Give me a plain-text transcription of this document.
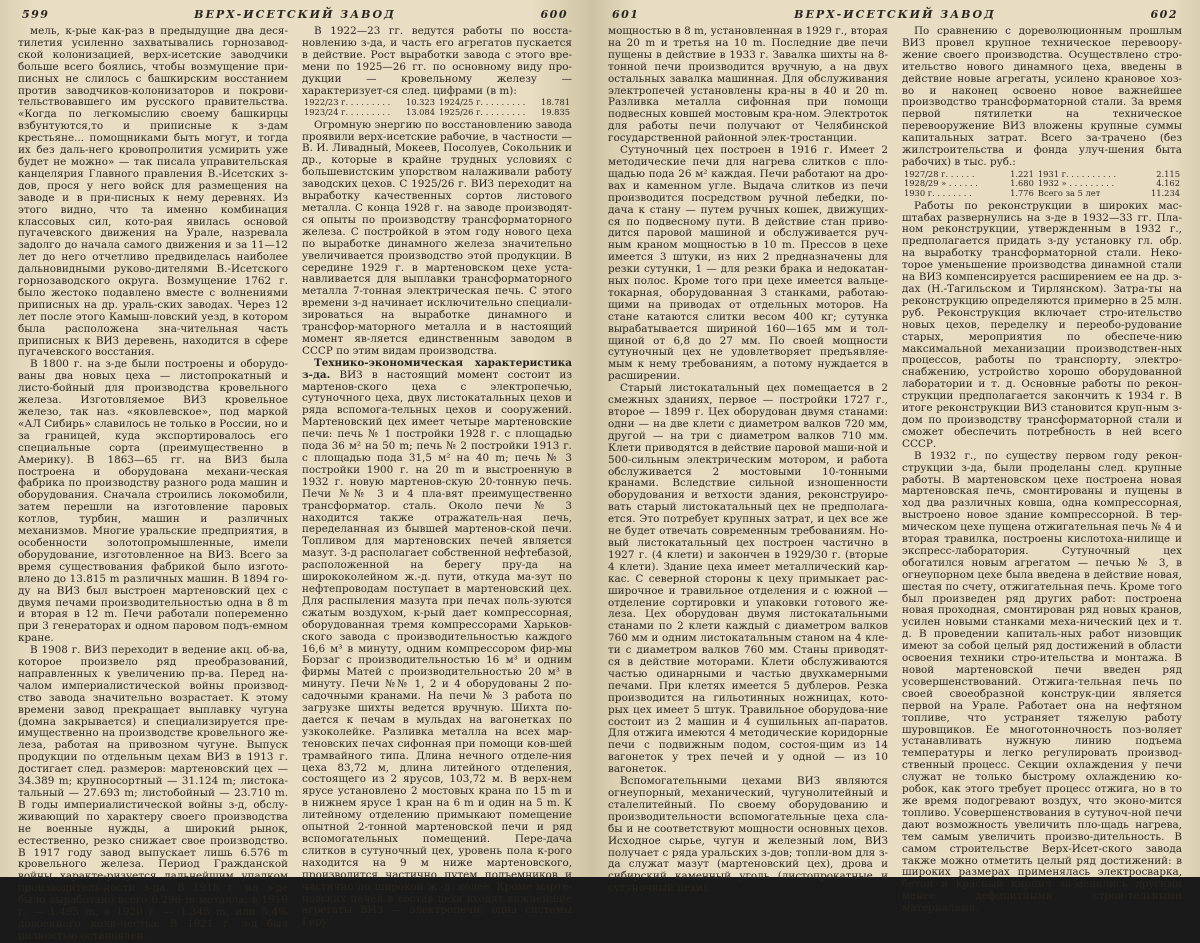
599	ВЕРХ-ИСЕТСКИЙ ЗАВОД	600

мель, к-рые как-раз в предыдущие два деся-тилетия усиленно захватывались горнозавод-ской колонизацией, верх-исетские заводчики больше всего боялись, чтобы возмущение при-писных не слилось с башкирским восстанием против заводчиков-колонизаторов и покрови-тельствовавшего им русского правительства. «Когда по легкомыслию своему башкирцы взбунтуются,то и приписные к з-дам крестьяне... помощниками быть могут, и тогда их без даль-него кровопролития усмирить уже будет не можно» — так писала управительская канцелярия Главного правления В.-Исетских з-дов, прося у него войск для размещения на заводе и в при-писных к нему деревнях. Из этого видно, что та именно комбинация классовых сил, кото-рая явилась основой пугачевского движения на Урале, назревала задолго до начала самого движения и за 11—12 лет до него отчетливо предвиделась наиболее дальновидными руково-дителями В.-Исетского горнозаводского округа. Возмущение 1762 г. было жестоко подавлено вместе с волнениями приписных на др. ураль-ских заводах. Через 12 лет после этого Камыш-ловский уезд, в котором была расположена зна-чительная часть приписных к ВИЗ деревень, находится в сфере пугачевского восстания.

В 1800 г. на з-де были построены и оборудо-ваны два новых цеха — листопрокатный и листо-бойный для производства кровельного железа. Изготовляемое ВИЗ кровельное железо, так наз. «яковлевское», под маркой «АЛ Сибирь» славилось не только в России, но и за границей, куда экспортировалось его специальные сорта (преимущественно в Америку). В 1863—65 гг. на ВИЗ была построена и оборудована механи-ческая фабрика по производству разного рода машин и оборудования. Сначала строились локомобили, затем перешли на изготовление паровых котлов, турбин, машин и различных механизмов. Многие уральские предприятия, в особенности золотопромышленные, имели оборудование, изготовленное на ВИЗ. Всего за время существования фабрикой было изгото-влено до 13.815 m различных машин. В 1894 го-ду на ВИЗ был выстроен мартеновский цех с двумя печами производительностью одна в 8 m и вторая в 12 m. Печи работали попеременно при 3 генераторах и одном паровом подъ-емном кране.

В 1908 г. ВИЗ переходит в ведение акц. об-ва, которое произвело ряд преобразований, направленных к увеличению пр-ва. Перед на-чалом империалистической войны производ-ство завода значительно возрастает. К этому времени завод прекращает выплавку чугуна (домна закрывается) и специализируется пре-имущественно на производстве кровельного же-леза, работая на привозном чугуне. Выпуск продукции по отдельным цехам ВИЗ в 1913 г. достигает след. размеров: мартеновский цех — 34.389 m; крупносортный — 31.124 m; листока-тальный — 27.693 m; листобойный — 23.710 m. В годы империалистической войны з-д, обслу-живающий по характеру своего производства не военные нужды, а широкий рынок, естественно, резко снижает свое производство. В 1917 году завод выпускает лишь 6.576 m кровельного железа. Период Гражданской войны характе-ризуется дальнейшим упадком производитель-ности з-да. В 1918 г. на з-де было выработано всего 6.296 m металла, в 1919 г. — 1.495 m, в 1920 г. — 1.345 m, или 5,4% довоенного коли-чества. В 1921 г. з-д был полностью остановлен.

В 1922—23 гг. ведутся работы по восста-новлению з-да, и часть его агрегатов пускается в действие. Рост выработки завода с этого вре-мени по 1925—26 гг. по основному виду про-дукции — кровельному железу — характеризует-ся след. цифрами (в m):

1922/23 г. . . . . . . . .	10.323	1924/25 г. . . . . . . . .	18.781
1923/24 г. . . . . . . . .	13.084	1925/26 г. . . . . . . . .	19.835

Огромную энергию по восстановлению завода проявили верх-исетские рабочие, в частности — В. И. Ливадный, Мокеев, Посолуев, Сокольник и др., которые в крайне трудных условиях с большевистским упорством налаживали работу заводских цехов. С 1925/26 г. ВИЗ переходит на выработку качественных сортов листового металла. С конца 1928 г. на заводе производят-ся опыты по производству трансформаторного железа. С постройкой в этом году нового цеха по выработке динамного железа значительно увеличивается производство этой продукции. В середине 1929 г. в мартеновском цехе уста-навливается для выплавки трансформаторного металла 7-тонная электрическая печь. С этого времени з-д начинает исключительно специали-зироваться на выработке динамного и трансфор-маторного металла и в настоящий момент яв-ляется единственным заводом в СССР по этим видам производства.

Технико-экономическая характеристика з-да. ВИЗ в настоящий момент состоит из мартенов-ского цеха с электропечью, сутуночного цеха, двух листокатальных цехов и ряда вспомога-тельных цехов и сооружений. Мартеновский цех имеет четыре мартеновские печи: печь № 1 постройки 1928 г. с площадью пода 36 м² на 50 m; печь № 2 постройки 1913 г. с площадью пода 31,5 м² на 40 m; печь № 3 постройки 1900 г. на 20 m и выстроенную в 1932 г. новую мартенов-скую 20-тонную печь. Печи №№ 3 и 4 пла-вят преимущественно трансформатор. сталь. Около печи № 3 находится также отражатель-ная печь, переделанная из бывшей мартенов-ской печи. Топливом для мартеновских печей является мазут. З-д располагает собственной нефтебазой, расположенной на берегу пру-да на ширококолейном ж.-д. пути, откуда ма-зут по нефтепроводам поступает в мартеновский цех. Для распыления мазута при печах поль-зуются сжатым воздухом, к-рый дает компрессорная, оборудованная тремя компрессорами Харьков-ского завода с производительностью каждого 16,6 м³ в минуту, одним компрессором фир-мы Борзаг с производительностью 16 м³ и одним фирмы Матей с производительностью 20 м³ в минуту. Печи №№ 1, 2 и 4 оборудованы 2 по-садочными кранами. На печи № 3 работа по загрузке шихты ведется вручную. Шихта по-дается к печам в мульдах на вагонетках по узкоколейке. Разливка металла на всех мар-теновских печах сифонная при помощи ков-шей трамвайного типа. Длина нечного отделе-ния цеха 83,72 м, длина литейного отделения, состоящего из 2 ярусов, 103,72 м. В верх-нем ярусе установлено 2 мостовых крана по 15 m и в нижнем ярусе 1 кран на 6 m и один на 5 m. К литейному отделению примыкают помещение опытной 2-тонной мартеновской печи и ряд вспомогательных помещений. Пере-дача слитков в сутуночный цех, уровень пола к-рого находится на 9 м ниже мартеновского, производится частично путем подъемников и частично по широкой ж.-д. колее. Кроме марте-новских печей в состав цеха входят важнейшие агрегаты ВИЗ — электропечи: одна системы Геру

601	ВЕРХ-ИСЕТСКИЙ ЗАВОД	602

мощностью в 8 m, установленная в 1929 г., вторая на 20 m и третья на 10 m. Последние две печи пущены в действие в 1933 г. Завалка шихты на 8-тонной печи производится вручную, а на двух остальных завалка машинная. Для обслуживания электропечей установлены кра-ны в 40 и 20 m. Разливка металла сифонная при помощи подвесных ковшей мостовым кра-ном. Электроток для работы печи получают от Челябинской государственной районной элек-тростанции.

Сутуночный цех построен в 1916 г. Имеет 2 методические печи для нагрева слитков с пло-щадью пода 26 м² каждая. Печи работают на дро-вах и каменном угле. Выдача слитков из печи производится посредством ручной лебедки, по-дача к стану — путем ручных кошек, движущих-ся по подвесному пути. В действие стан приво-дится паровой машиной и обслуживается руч-ным краном мощностью в 10 m. Прессов в цехе имеется 3 штуки, из них 2 предназначены для резки сутунки, 1 — для резки брака и недокатан-ных полос. Кроме того при цехе имеется вальце-токарная, оборудованная 3 станками, работаю-щими на приводах от отдельных моторов. На стане катаются слитки весом 400 кг; сутунка вырабатывается шириной 160—165 мм и тол-щиной от 6,8 до 27 мм. По своей мощности сутуночный цех не удовлетворяет предъявляе-мым к нему требованиям, а потому нуждается в расширении.

Старый листокатальный цех помещается в 2 смежных зданиях, первое — постройки 1727 г., второе — 1899 г. Цех оборудован двумя станами: одни — на две клети с диаметром валков 720 мм, другой — на три с диаметром валков 710 мм. Клети приводятся в действие паровой маши-ной и 500-сильным электрическим мотором, и работа обслуживается 2 мостовыми 10-тонными кранами. Вследствие сильной изношенности оборудования и ветхости здания, реконструиро-вать старый листокатальный цех не предполага-ется. Это потребует крупных затрат, и цех все же не будет отвечать современным требованиям. Но-вый листокатальный цех построен частично в 1927 г. (4 клети) и закончен в 1929/30 г. (вторые 4 клети). Здание цеха имеет металлический кар-кас. С северной стороны к цеху примыкает рас-широчное и травильное отделения и с южной — отделение сортировки и упаковки готового же-леза. Цех оборудован двумя листокатальными станами по 2 клети каждый с диаметром валков 760 мм и одним листокатальным станом на 4 кле-ти с диаметром валков 760 мм. Станы приводят-ся в действие моторами. Клети обслуживаются частью одинарными и частью двухкамерными печами. При клетях имеется 5 дублеров. Резка производится на гильотинных ножницах, кото-рых цех имеет 5 штук. Травильное оборудова-ние состоит из 2 машин и 4 сушильных ап-паратов. Для отжига имеются 4 методические коридорные печи с подвижным подом, состоя-щим из 14 вагонеток у трех печей и у одной — из 10 вагонеток.

Вспомогательными цехами ВИЗ являются огнеупорный, механический, чугунолитейный и сталелитейный. По своему оборудованию и производительности вспомогательные цеха сла-бы и не соответствуют мощности основных цехов. Исходное сырье, чугун и железный лом, ВИЗ получает с ряда уральских з-дов; топли-вом для з-да служат мазут (мартеновский цех), дрова и сибирский каменный уголь (листопрокатные и сутуночный цехи).

По сравнению с дореволюционным прошлым ВИЗ провел крупное техническое перевоору-жение своего производства. Осуществлено стро-ительство нового динамного цеха, введены в действие новые агрегаты, усилено крановое хоз-во и наконец освоено новое важнейшее производство трансформаторной стали. За время первой пятилетки на техническое перевооружение ВИЗ вложены крупные суммы капитальных затрат. Всего за-трачено (без жилстроительства и фонда улуч-шения быта рабочих) в тыс. руб.:

1927/28 г. . . . . .	1.221	1931 г. . . . . . . . . .	2.115
1928/29 » . . . . . .	1.680	1932 » . . . . . . . . .	4.162
1930 г. . . . . . . .	1.776	Всего за 5 лет	11.234

Работы по реконструкции в широких мас-штабах развернулись на з-де в 1932—33 гг. Пла-ном реконструкции, утвержденным в 1932 г., предполагается придать з-ду установку гл. обр. на выработку трансформаторной стали. Неко-торое уменьшение производства динамной стали на ВИЗ компенсируется расширением ее на др. з-дах (Н.-Тагильском и Тирлянском). Затра-ты на реконструкцию определяются примерно в 25 млн. руб. Реконструкция включает стро-ительство новых цехов, переделку и переобо-рудование старых, мероприятия по обеспече-нию максимальной механизации производствен-ных процессов, работы по транспорту, электро-снабжению, устройство хорошо оборудованной лаборатории и т. д. Основные работы по рекон-струкции предполагается закончить к 1934 г. В итоге реконструкции ВИЗ становится круп-ным з-дом по производству трансформаторной стали и сможет обеспечить потребность в ней всего СССР.

В 1932 г., по существу первом году рекон-струкции з-да, были проделаны след. крупные работы. В мартеновском цехе построена новая мартеновская печь, смонтированы и пущены в ход два различных ковша, одна компрессорная, выстроено новое здание компрессорной. В тер-мическом цехе пущена отжигательная печь № 4 и вторая травилка, построены кислотоха-нилище и экспресс-лаборатория. Сутуночный цех обогатился новым агрегатом — печью № 3, в огнеупорном цехе была введена в действие новая, шестая по счету, отжигательная печь. Кроме того был произведен ряд других работ: построена новая проходная, смонтирован ряд новых кранов, усилен новыми станками меха-нический цех и т. д. В проведении капиталь-ных работ низовщик имеют за собой целый ряд достижений в области освоения техники стро-ительства и монтажа. В новой мартеновской печи введен ряд усовершенствований. Отжига-тельная печь по своей своеобразной конструк-ции является первой на Урале. Работает она на нефтяном топливе, что устраняет тяжелую работу шуровщиков. Ее многотонночность поз-воляет устанавливать нужную линию подъема температуры и легко регулировать производ-ственный процесс. Секции охлаждения у печи служат не только быстрому охлаждению ко-робок, как этого требует процесс отжига, но в то же время подогревают воздух, что эконо-мится топливо. Усовершенствования в сутуноч-ной печи дают возможность увеличить пло-щадь нагрева, тем самым увеличить произво-дительность. В самом строительстве Верх-Исет-ского завода также можно отметить целый ряд достижений: в широких размерах применялась электросварка, бетон и красный кирпич за-менялись другими менее дефицитными строи-тельными материалами.
